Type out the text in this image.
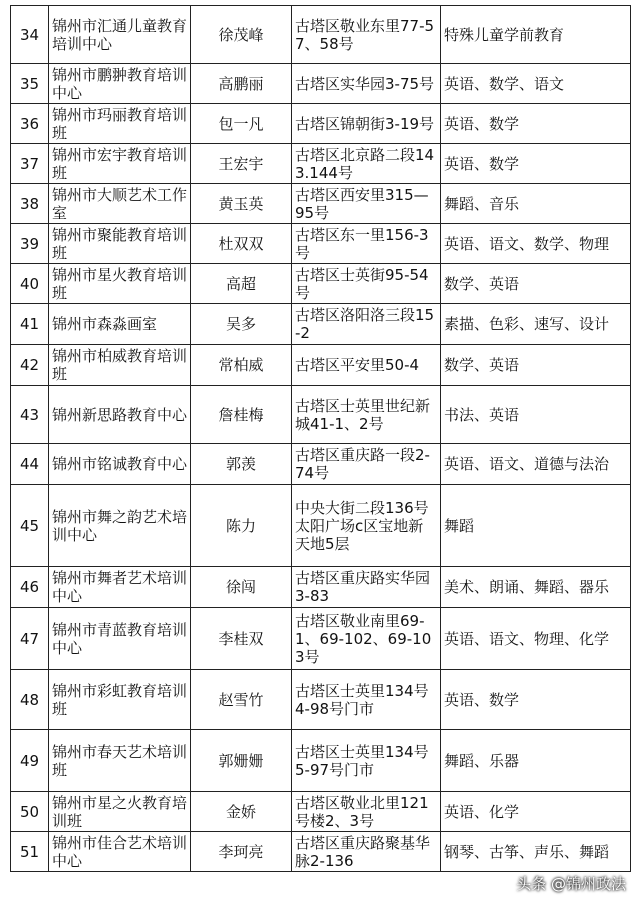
34	锦州市汇通儿童教育培训中心	徐茂峰	古塔区敬业东里77-57、58号	特殊儿童学前教育
35	锦州市鹏翀教育培训中心	高鹏丽	古塔区实华园3-75号	英语、数学、语文
36	锦州市玛丽教育培训班	包一凡	古塔区锦朝街3-19号	英语、数学
37	锦州市宏宇教育培训班	王宏宇	古塔区北京路二段143.144号	英语、数学
38	锦州市大顺艺术工作室	黄玉英	古塔区西安里315—95号	舞蹈、音乐
39	锦州市聚能教育培训班	杜双双	古塔区东一里156-3号	英语、语文、数学、物理
40	锦州市星火教育培训班	高超	古塔区士英街95-54号	数学、英语
41	锦州市森淼画室	吴多	古塔区洛阳洛三段15-2	素描、色彩、速写、设计
42	锦州市柏威教育培训班	常柏威	古塔区平安里50-4	数学、英语
43	锦州新思路教育中心	詹桂梅	古塔区士英里世纪新城41-1、2号	书法、英语
44	锦州市铭诚教育中心	郭羡	古塔区重庆路一段2-74号	英语、语文、道德与法治
45	锦州市舞之韵艺术培训中心	陈力	中央大街二段136号太阳广场c区宝地新天地5层	舞蹈
46	锦州市舞者艺术培训中心	徐闯	古塔区重庆路实华园3-83	美术、朗诵、舞蹈、器乐
47	锦州市青蓝教育培训中心	李桂双	古塔区敬业南里69-1、69-102、69-103号	英语、语文、物理、化学
48	锦州市彩虹教育培训班	赵雪竹	古塔区士英里134号4-98号门市	英语、数学
49	锦州市春天艺术培训班	郭姗姗	古塔区士英里134号5-97号门市	舞蹈、乐器
50	锦州市星之火教育培训班	金娇	古塔区敬业北里121号楼2、3号	英语、化学
51	锦州市佳合艺术培训中心	李珂亮	古塔区重庆路聚基华脉2-136	钢琴、古筝、声乐、舞蹈
头条 @锦州政法
